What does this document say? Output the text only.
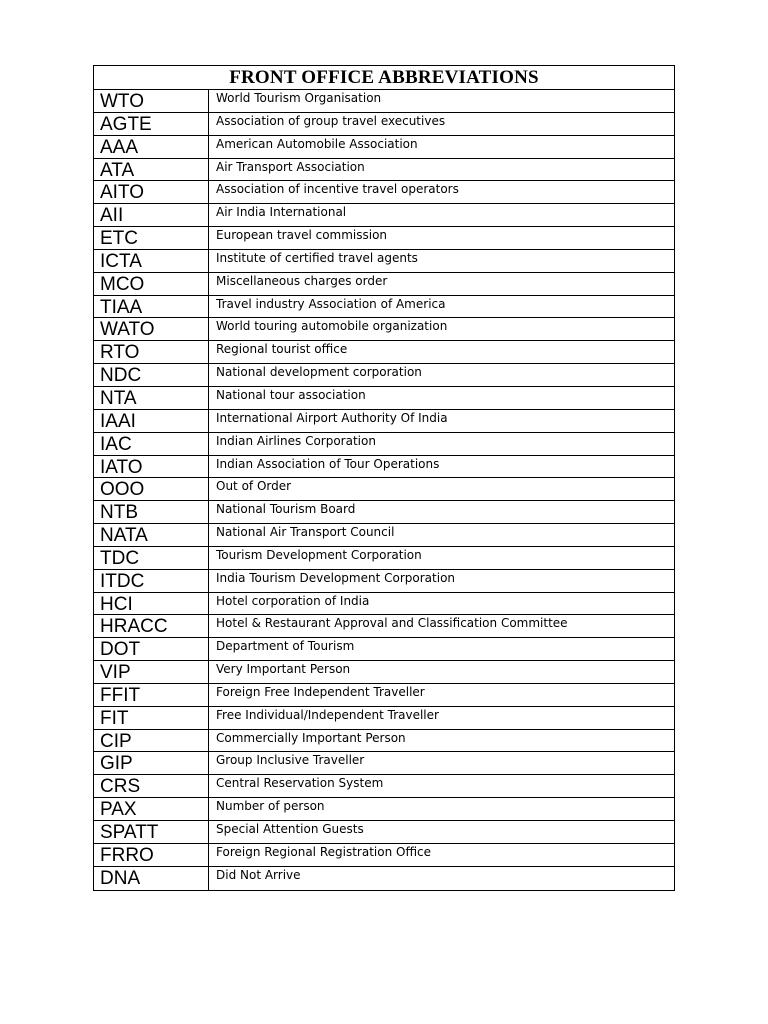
FRONT OFFICE ABBREVIATIONS
WTO	World Tourism Organisation
AGTE	Association of group travel executives
AAA	American Automobile Association
ATA	Air Transport Association
AITO	Association of incentive travel operators
AII	Air India International
ETC	European travel commission
ICTA	Institute of certified travel agents
MCO	Miscellaneous charges order
TIAA	Travel industry Association of America
WATO	World touring automobile organization
RTO	Regional tourist office
NDC	National development corporation
NTA	National tour association
IAAI	International Airport Authority Of India
IAC	Indian Airlines Corporation
IATO	Indian Association of Tour Operations
OOO	Out of Order
NTB	National Tourism Board
NATA	National Air Transport Council
TDC	Tourism Development Corporation
ITDC	India Tourism Development Corporation
HCI	Hotel corporation of India
HRACC	Hotel & Restaurant Approval and Classification Committee
DOT	Department of Tourism
VIP	Very Important Person
FFIT	Foreign Free Independent Traveller
FIT	Free Individual/Independent Traveller
CIP	Commercially Important Person
GIP	Group Inclusive Traveller
CRS	Central Reservation System
PAX	Number of person
SPATT	Special Attention Guests
FRRO	Foreign Regional Registration Office
DNA	Did Not Arrive
